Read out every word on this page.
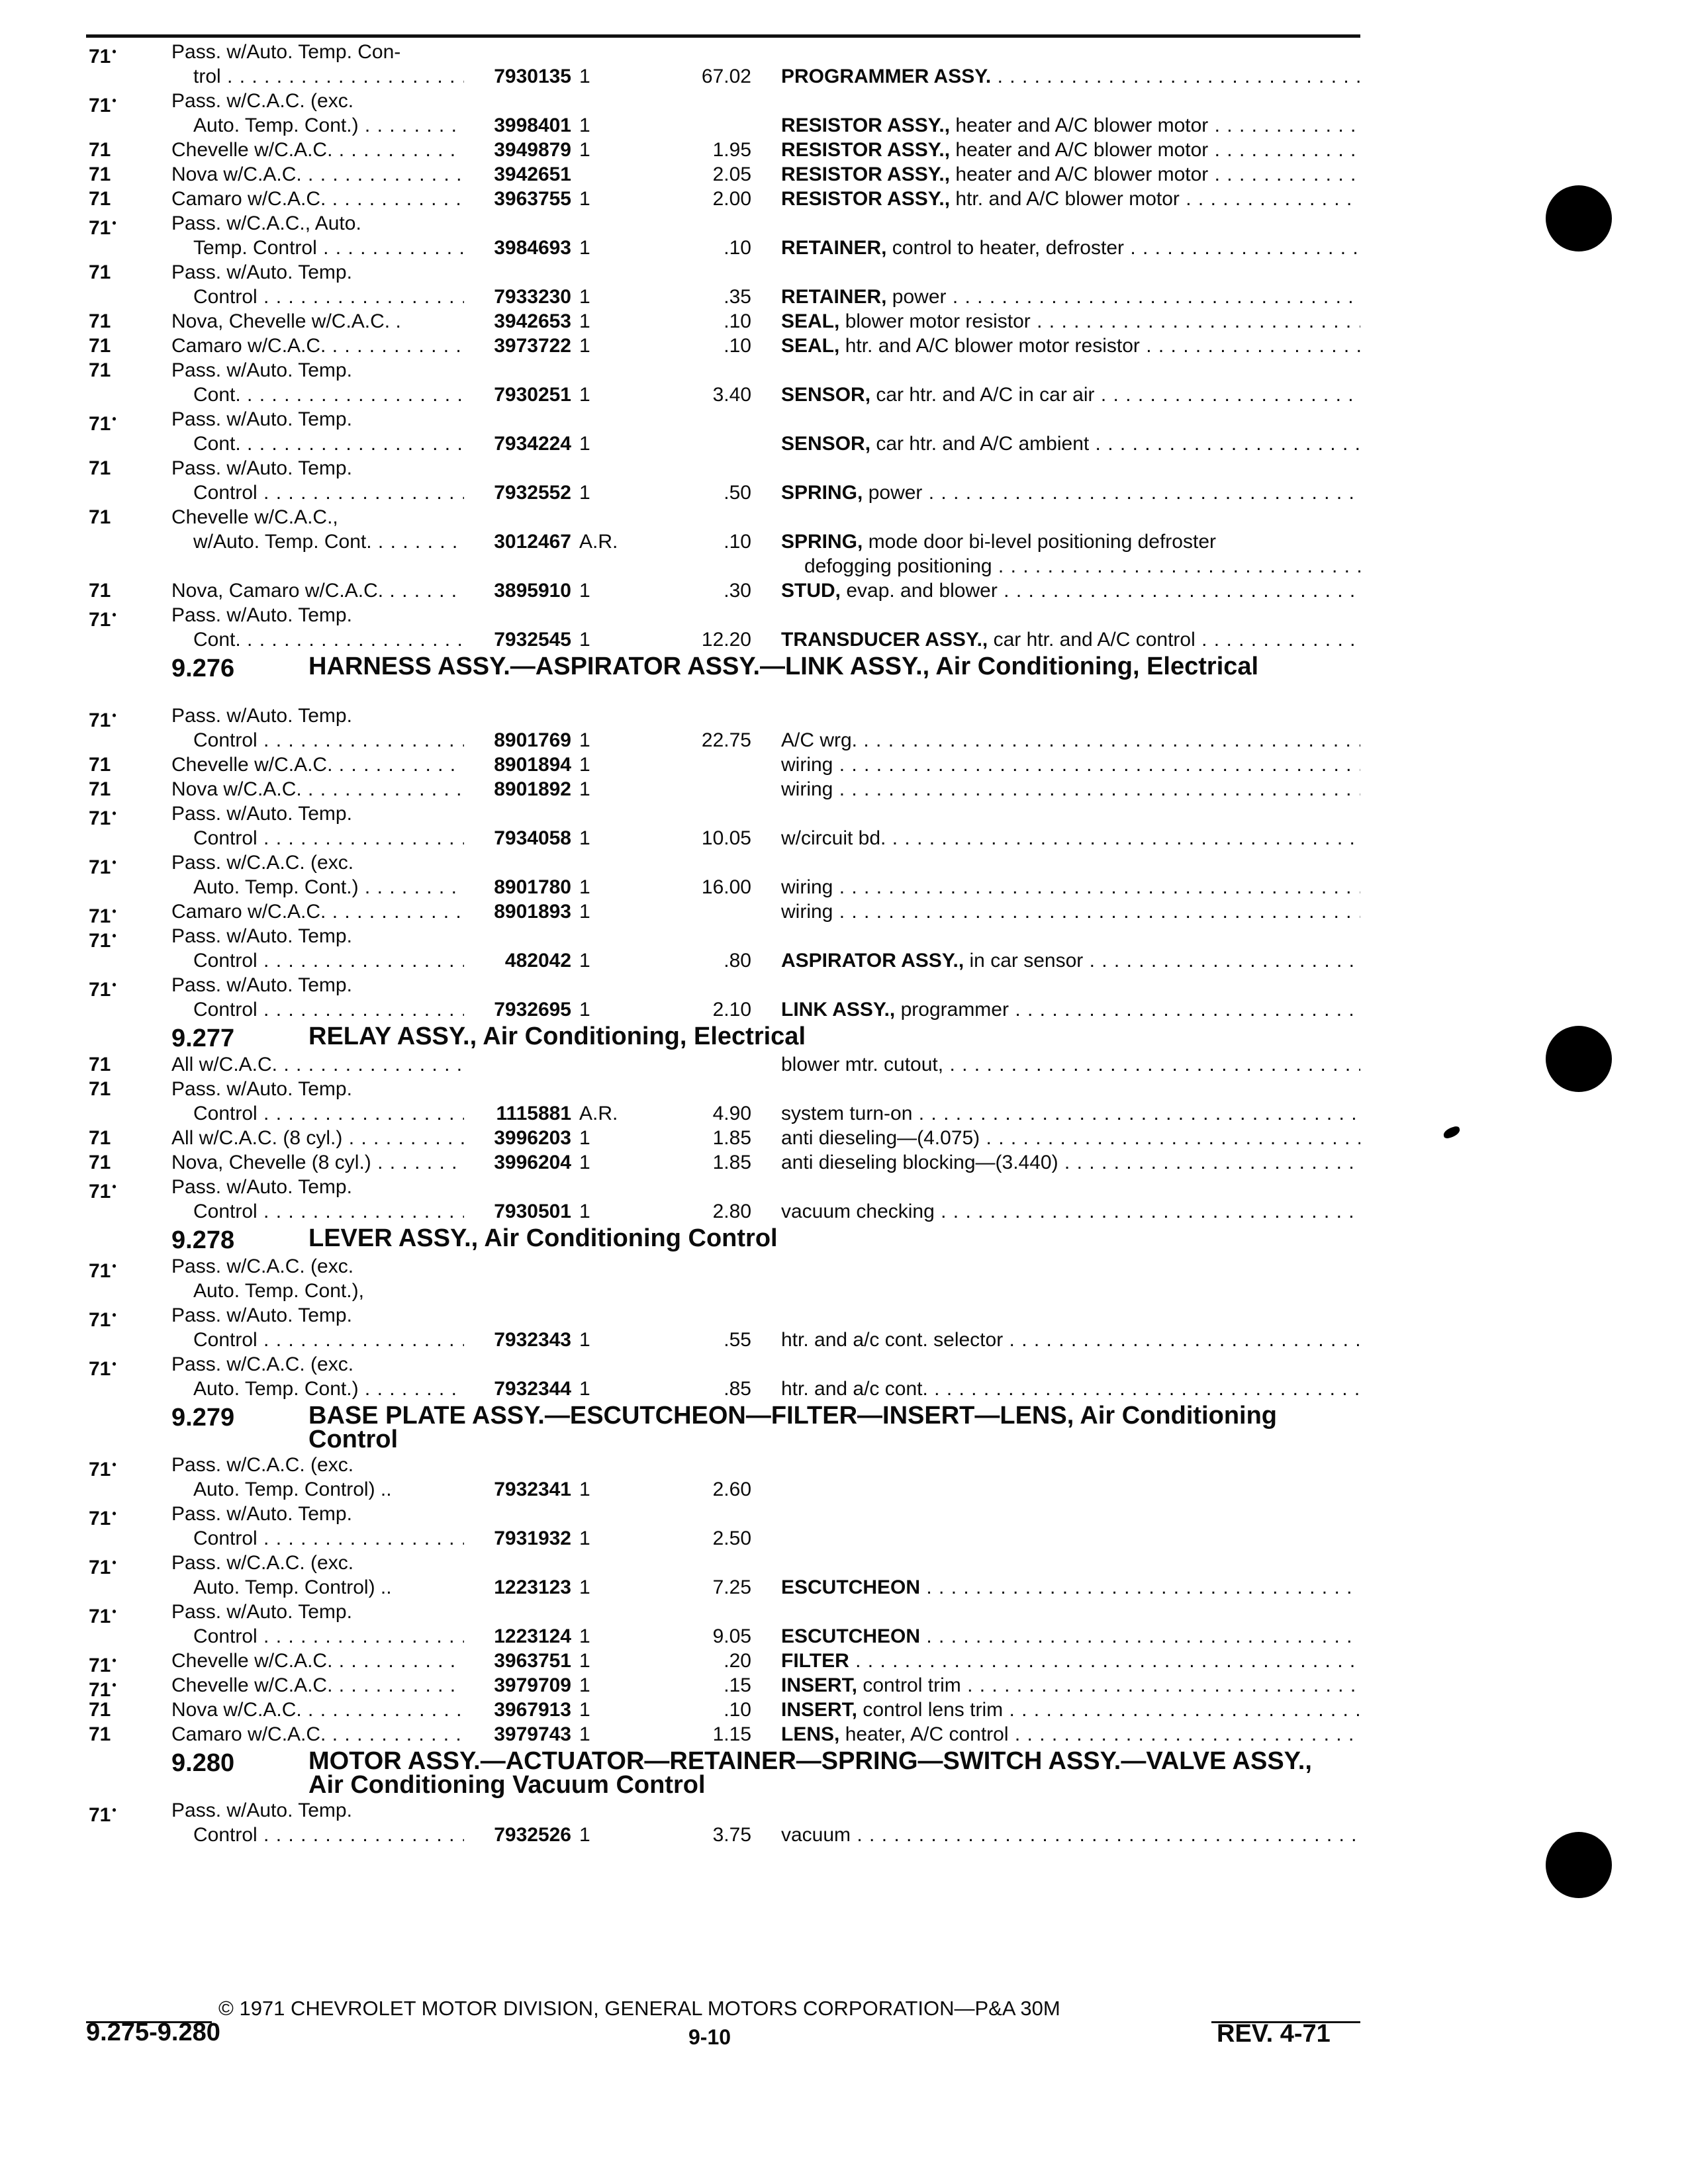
71 •	Pass. w/Auto. Temp. Con-
trol . . .	7930135 1	67.02 PROGRAMMER ASSY. . . .
71 •	Pass. w/C.A.C. (exc.
Auto. Temp. Cont.) . . .	3998401 1	RESISTOR ASSY., heater and A/C blower motor . . .
71	Chevelle w/C.A.C. . . .	3949879 1	1.95 RESISTOR ASSY., heater and A/C blower motor . . .
71	Nova w/C.A.C. . . .	3942651	2.05 RESISTOR ASSY., heater and A/C blower motor . . .
71	Camaro w/C.A.C. . . .	3963755 1	2.00 RESISTOR ASSY., htr. and A/C blower motor . . .
71 •	Pass. w/C.A.C., Auto.
Temp. Control . . .	3984693 1	.10 RETAINER, control to heater, defroster . . .
71	Pass. w/Auto. Temp.
Control . . .	7933230 1	.35 RETAINER, power . . .
71	Nova, Chevelle w/C.A.C. .	3942653 1	.10 SEAL, blower motor resistor . . .
71	Camaro w/C.A.C. . . .	3973722 1	.10 SEAL, htr. and A/C blower motor resistor . . .
71	Pass. w/Auto. Temp.
Cont. . . .	7930251 1	3.40 SENSOR, car htr. and A/C in car air . . .
71 •	Pass. w/Auto. Temp.
Cont. . . .	7934224 1	SENSOR, car htr. and A/C ambient . . .
71	Pass. w/Auto. Temp.
Control . . .	7932552 1	.50 SPRING, power . . .
71	Chevelle w/C.A.C.,
w/Auto. Temp. Cont. . . .	3012467 A.R.	.10 SPRING, mode door bi-level positioning defroster
defogging positioning . . .
71	Nova, Camaro w/C.A.C. . . .	3895910 1	.30 STUD, evap. and blower . . .
71 •	Pass. w/Auto. Temp.
Cont. . . .	7932545 1	12.20 TRANSDUCER ASSY., car htr. and A/C control . . .
9.276	HARNESS ASSY.—ASPIRATOR ASSY.—LINK ASSY., Air Conditioning, Electrical
71 •	Pass. w/Auto. Temp.
Control . . .	8901769 1	22.75 A/C wrg. . . .
71	Chevelle w/C.A.C. . . .	8901894 1	wiring . . .
71	Nova w/C.A.C. . . .	8901892 1	wiring . . .
71 •	Pass. w/Auto. Temp.
Control . . .	7934058 1	10.05 w/circuit bd. . . .
71 •	Pass. w/C.A.C. (exc.
Auto. Temp. Cont.) . . .	8901780 1	16.00 wiring . . .
71 •	Camaro w/C.A.C. . . .	8901893 1	wiring . . .
71 •	Pass. w/Auto. Temp.
Control . . .	482042 1	.80 ASPIRATOR ASSY., in car sensor . . .
71 •	Pass. w/Auto. Temp.
Control . . .	7932695 1	2.10 LINK ASSY., programmer . . .
9.277	RELAY ASSY., Air Conditioning, Electrical
71	All w/C.A.C. . . .	blower mtr. cutout, . . .
71	Pass. w/Auto. Temp.
Control . . .	1115881 A.R.	4.90 system turn-on . . .
71	All w/C.A.C. (8 cyl.) . . .	3996203 1	1.85 anti dieseling—(4.075) . . .
71	Nova, Chevelle (8 cyl.) . . .	3996204 1	1.85 anti dieseling blocking—(3.440) . . .
71 •	Pass. w/Auto. Temp.
Control . . .	7930501 1	2.80 vacuum checking . . .
9.278	LEVER ASSY., Air Conditioning Control
71 •	Pass. w/C.A.C. (exc.
Auto. Temp. Cont.),
71 •	Pass. w/Auto. Temp.
Control . . .	7932343 1	.55 htr. and a/c cont. selector . . .
71 •	Pass. w/C.A.C. (exc.
Auto. Temp. Cont.) . . .	7932344 1	.85 htr. and a/c cont. . . .
9.279	BASE PLATE ASSY.—ESCUTCHEON—FILTER—INSERT—LENS, Air Conditioning Control
71 •	Pass. w/C.A.C. (exc.
Auto. Temp. Control) ..	7932341 1	2.60
71 •	Pass. w/Auto. Temp.
Control . . .	7931932 1	2.50
71 •	Pass. w/C.A.C. (exc.
Auto. Temp. Control) ..	1223123 1	7.25 ESCUTCHEON . . .
71 •	Pass. w/Auto. Temp.
Control . . .	1223124 1	9.05 ESCUTCHEON . . .
71 •	Chevelle w/C.A.C. . . .	3963751 1	.20 FILTER . . .
71 •	Chevelle w/C.A.C. . . .	3979709 1	.15 INSERT, control trim . . .
71	Nova w/C.A.C. . . .	3967913 1	.10 INSERT, control lens trim . . .
71	Camaro w/C.A.C. . . .	3979743 1	1.15 LENS, heater, A/C control . . .
9.280	MOTOR ASSY.—ACTUATOR—RETAINER—SPRING—SWITCH ASSY.—VALVE ASSY., Air Conditioning Vacuum Control
71 •	Pass. w/Auto. Temp.
Control . . .	7932526 1	3.75 vacuum . . .
© 1971 CHEVROLET MOTOR DIVISION, GENERAL MOTORS CORPORATION—P&A 30M
9.275-9.280	9-10	REV. 4-71
